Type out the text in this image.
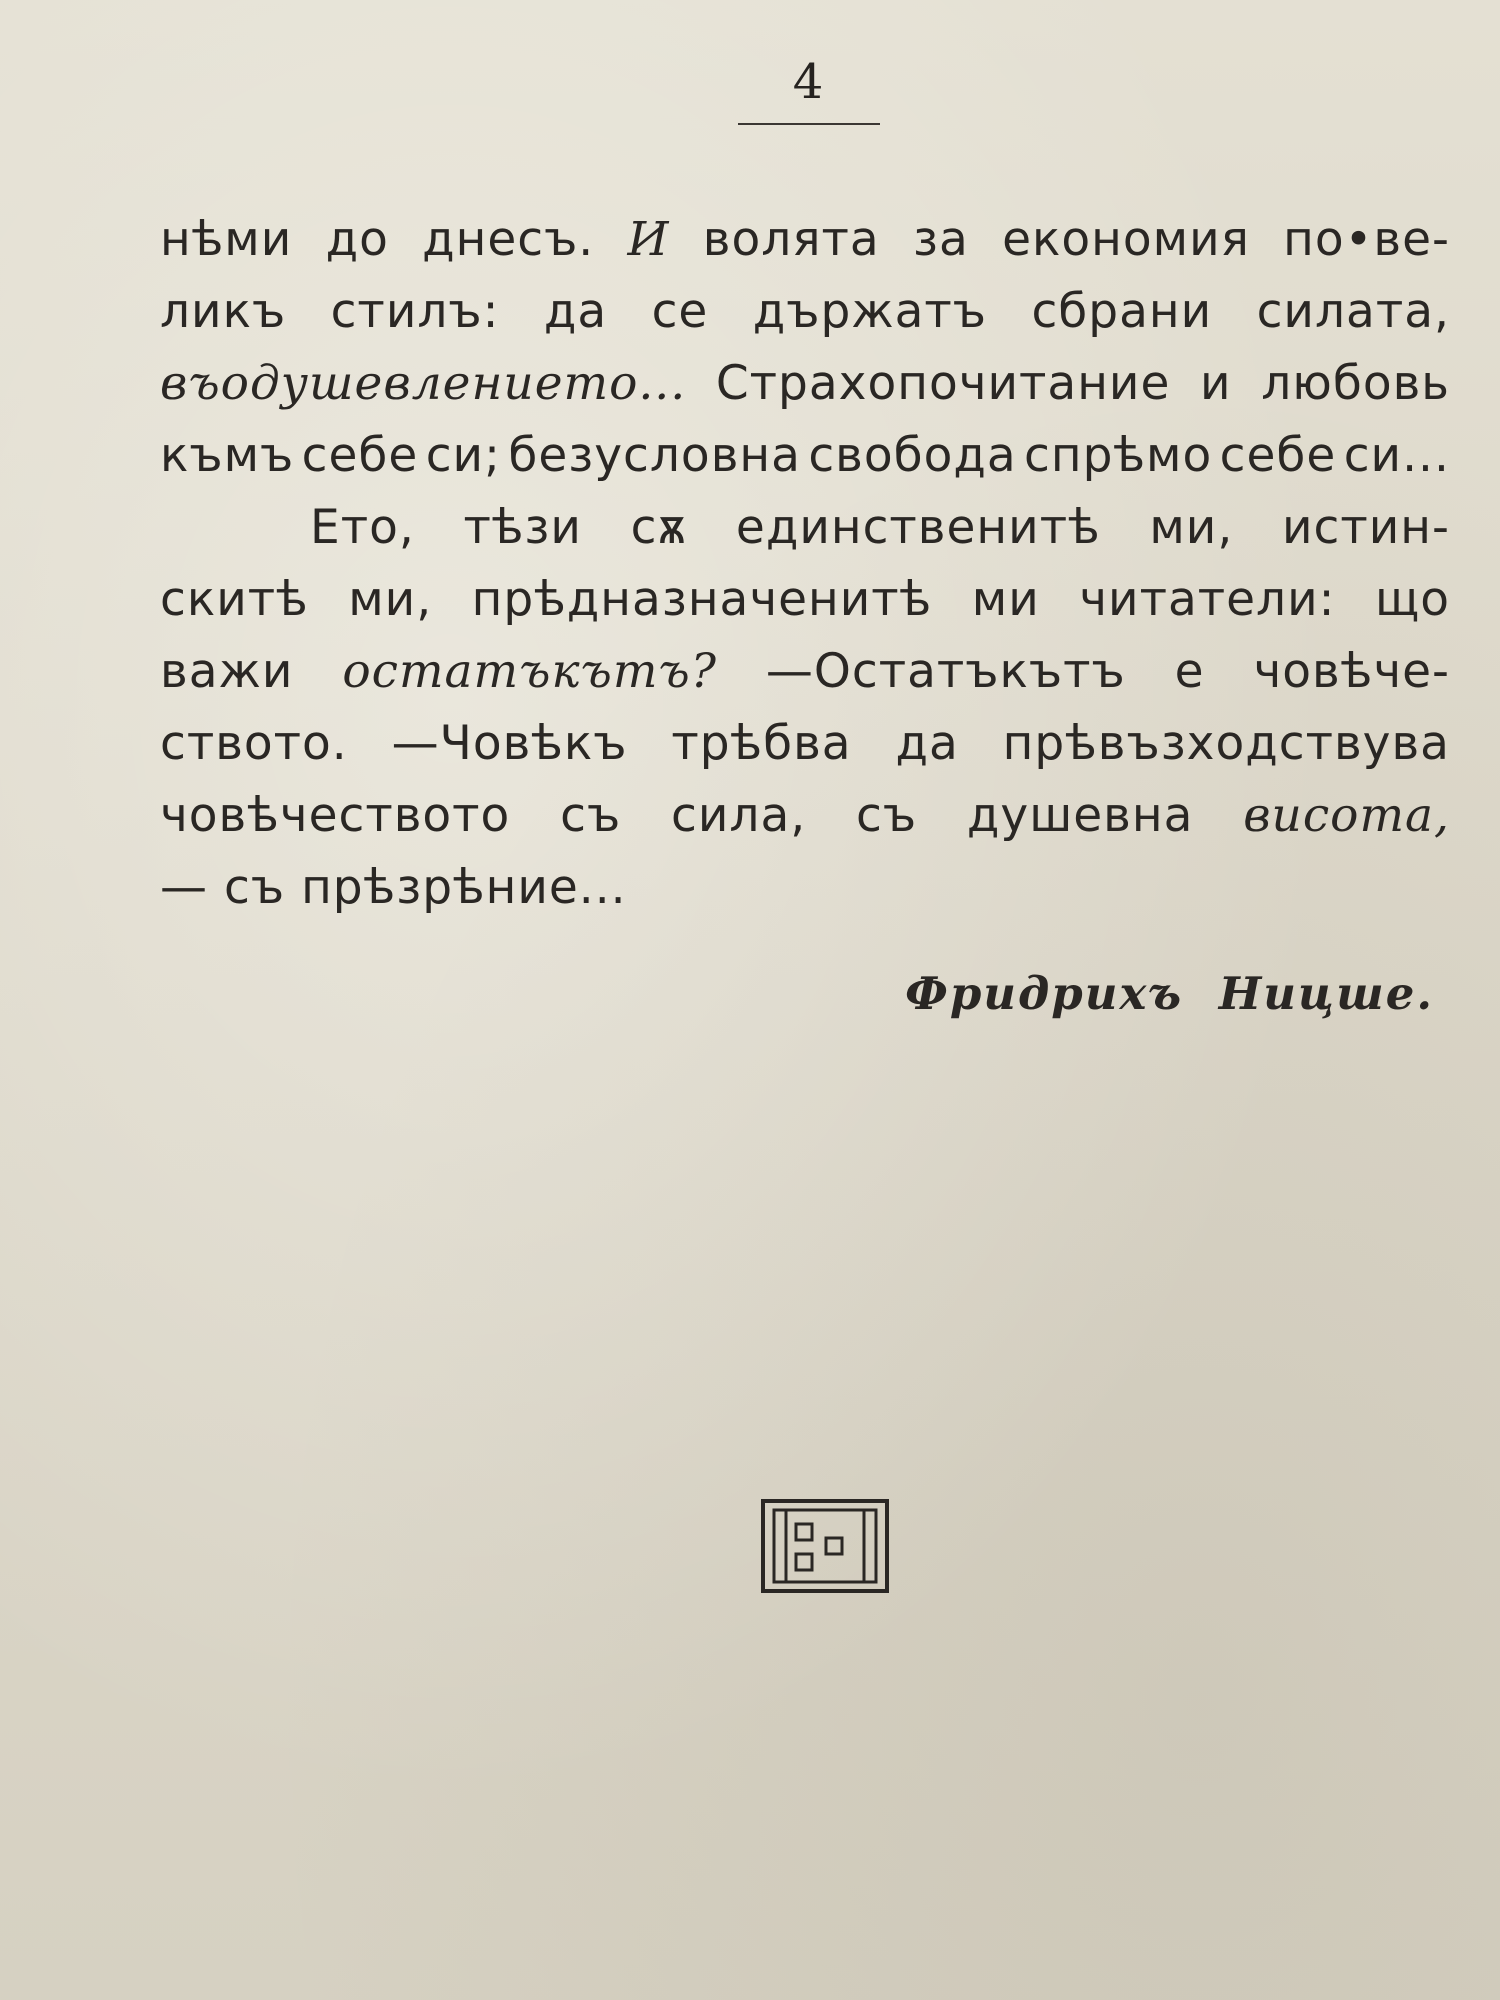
4
нѣми до днесъ. И волята за економия по•ве-
ликъ стилъ: да се държатъ сбрани силата,
въодушевлението... Страхопочитание и любовь
къмъ себе си; безусловна свобода спрѣмо себе си...
Ето, тѣзи сѫ единственитѣ ми, истин-
скитѣ ми, прѣдназначенитѣ ми читатели: що
важи остатъкътъ? —Остатъкътъ е човѣче-
ството. —Човѣкъ трѣбва да прѣвъзходствува
човѣчеството съ сила, съ душевна висота,
— съ прѣзрѣние...
Фридрихъ Ницше.
